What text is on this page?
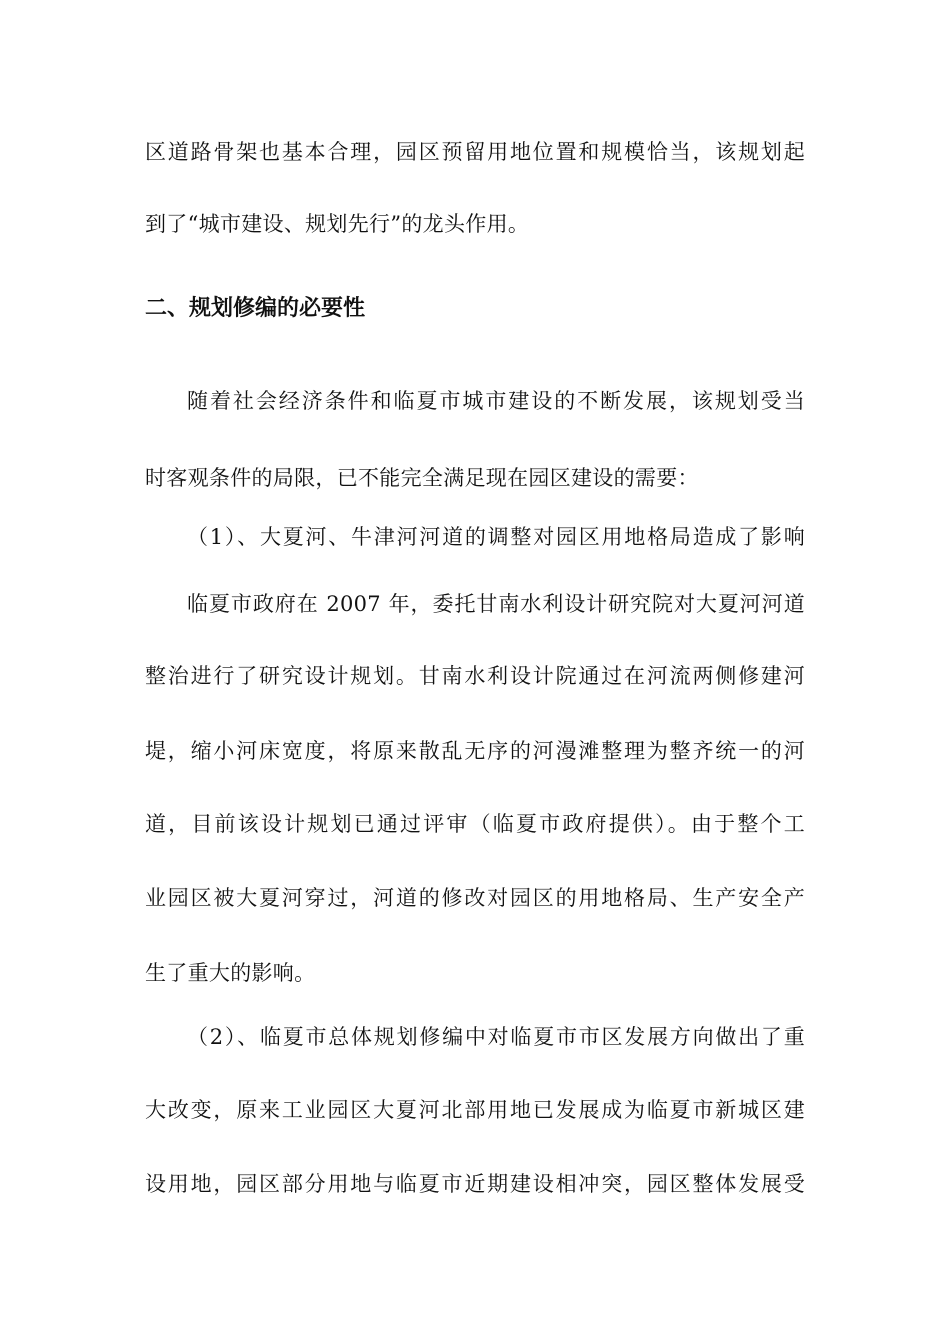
区道路骨架也基本合理，园区预留用地位置和规模恰当，该规划起
到了“城市建设、规划先行”的龙头作用。
二、规划修编的必要性
随着社会经济条件和临夏市城市建设的不断发展，该规划受当
时客观条件的局限，已不能完全满足现在园区建设的需要：
（1）、大夏河、牛津河河道的调整对园区用地格局造成了影响
临夏市政府在 2007 年，委托甘南水利设计研究院对大夏河河道
整治进行了研究设计规划。甘南水利设计院通过在河流两侧修建河
堤，缩小河床宽度，将原来散乱无序的河漫滩整理为整齐统一的河
道，目前该设计规划已通过评审（临夏市政府提供）。由于整个工
业园区被大夏河穿过，河道的修改对园区的用地格局、生产安全产
生了重大的影响。
（2）、临夏市总体规划修编中对临夏市市区发展方向做出了重
大改变，原来工业园区大夏河北部用地已发展成为临夏市新城区建
设用地，园区部分用地与临夏市近期建设相冲突，园区整体发展受
